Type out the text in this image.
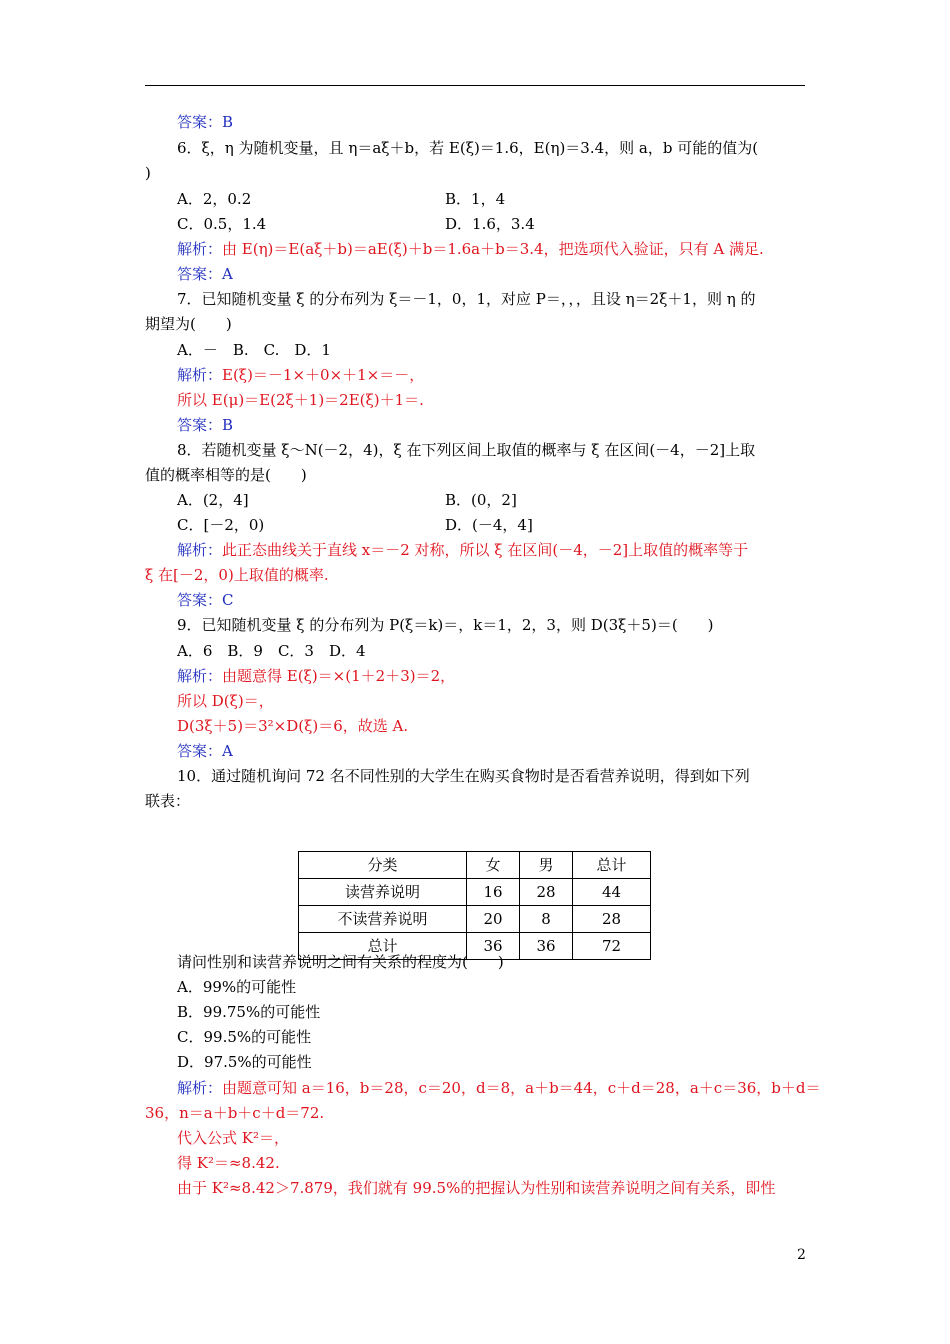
答案：B
6．ξ，η 为随机变量，且 η＝aξ＋b，若 E(ξ)＝1.6，E(η)＝3.4，则 a，b 可能的值为(
)
A．2，0.2	B．1，4
C．0.5，1.4	D．1.6，3.4
解析： 由 E(η)＝E(aξ＋b)＝aE(ξ)＋b＝1.6a＋b＝3.4，把选项代入验证，只有 A 满足.
答案：A
7．已知随机变量 ξ 的分布列为 ξ＝－1，0，1，对应 P＝，，，且设 η＝2ξ＋1，则 η 的
期望为(　　)
A．－　B.　C.　D．1
解析： E(ξ)＝－1×＋0×＋1×＝－，
所以 E(μ)＝E(2ξ＋1)＝2E(ξ)＋1＝.
答案：B
8．若随机变量 ξ～N(－2，4)，ξ 在下列区间上取值的概率与 ξ 在区间(－4，－2]上取
值的概率相等的是(　　)
A．(2，4]	B．(0，2]
C．[－2，0)	D．(－4，4]
解析： 此正态曲线关于直线 x＝－2 对称，所以 ξ 在区间(－4，－2]上取值的概率等于
ξ 在[－2，0)上取值的概率.
答案：C
9．已知随机变量 ξ 的分布列为 P(ξ＝k)＝，k＝1，2，3，则 D(3ξ＋5)＝(　　)
A．6　B．9　C．3　D．4
解析： 由题意得 E(ξ)＝×(1＋2＋3)＝2，
所以 D(ξ)＝，
D(3ξ＋5)＝3²×D(ξ)＝6，故选 A.
答案：A
10．通过随机询问 72 名不同性别的大学生在购买食物时是否看营养说明，得到如下列
联表：
请问性别和读营养说明之间有关系的程度为(　　)
A．99%的可能性
B．99.75%的可能性
C．99.5%的可能性
D．97.5%的可能性
解析： 由题意可知 a＝16，b＝28，c＝20，d＝8，a＋b＝44，c＋d＝28，a＋c＝36，b＋d＝
36，n＝a＋b＋c＋d＝72.
代入公式 K²＝，
得 K²＝≈8.42.
由于 K²≈8.42＞7.879，我们就有 99.5%的把握认为性别和读营养说明之间有关系，即性
分类	女	男	总计
读营养说明	16	28	44
不读营养说明	20	8	28
总计	36	36	72
2
